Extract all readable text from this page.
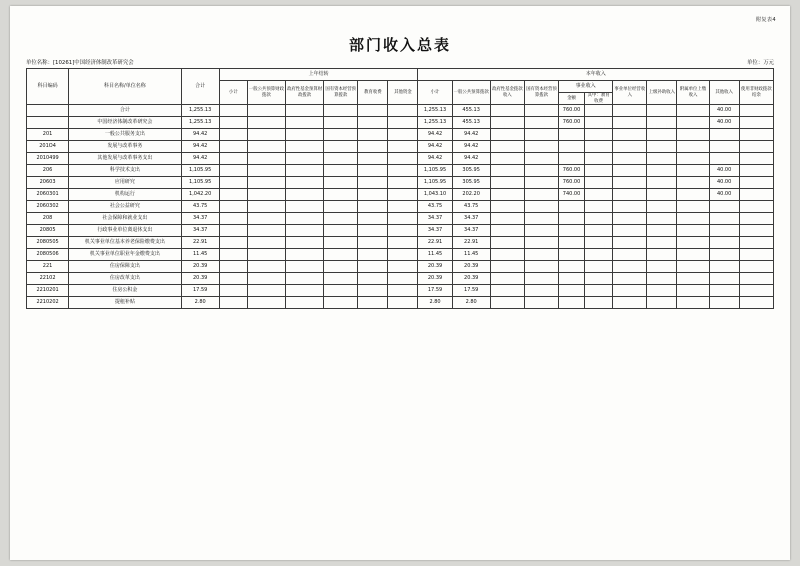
附复表4
部门收入总表
单位名称：[10261]中国经济体制改革研究会	单位：万元
科目编码	科目名称/单位名称	合计	上年结转						本年收入										

			小计	一般公共预算财政拨款	政府性基金预算财政拨款	国有资本经营预算拨款	教育收费	其他资金	小计	一般公共预算拨款	政府性基金拨款收入	国有资本经营预算拨款	事业收入		事业单位经营收入	上级补助收入	附属单位上缴收入	其他收入	使用非财政拨款结余

													金额	其中：教育收费					

	合计	1,255.13							1,255.13	455.13			760.00					40.00	
	中国经济体制改革研究会	1,255.13							1,255.13	455.13			760.00					40.00	
201	一般公共服务支出	94.42							94.42	94.42									
201O4	发展与改革事务	94.42							94.42	94.42									
2010499	其他发展与改革事务支出	94.42							94.42	94.42									
206	科学技术支出	1,105.95							1,105.95	305.95			760.00					40.00	
20603	应用研究	1,105.95							1,105.95	305.95			760.00					40.00	
2060301	机构运行	1,042.20							1,043.10	202.20			740.00					40.00	
2060302	社会公益研究	43.75							43.75	43.75									
208	社会保障和就业支出	34.37							34.37	34.37									
20805	行政事业单位离退休支出	34.37							34.37	34.37									
2080505	机关事业单位基本养老保险缴费支出	22.91							22.91	22.91									
2080506	机关事业单位职业年金缴费支出	11.45							11.45	11.45									
221	住房保障支出	20.39							20.39	20.39									
22102	住房改革支出	20.39							20.39	20.39									
2210201	住房公积金	17.59							17.59	17.59									
2210202	提租补贴	2.80							2.80	2.80									
